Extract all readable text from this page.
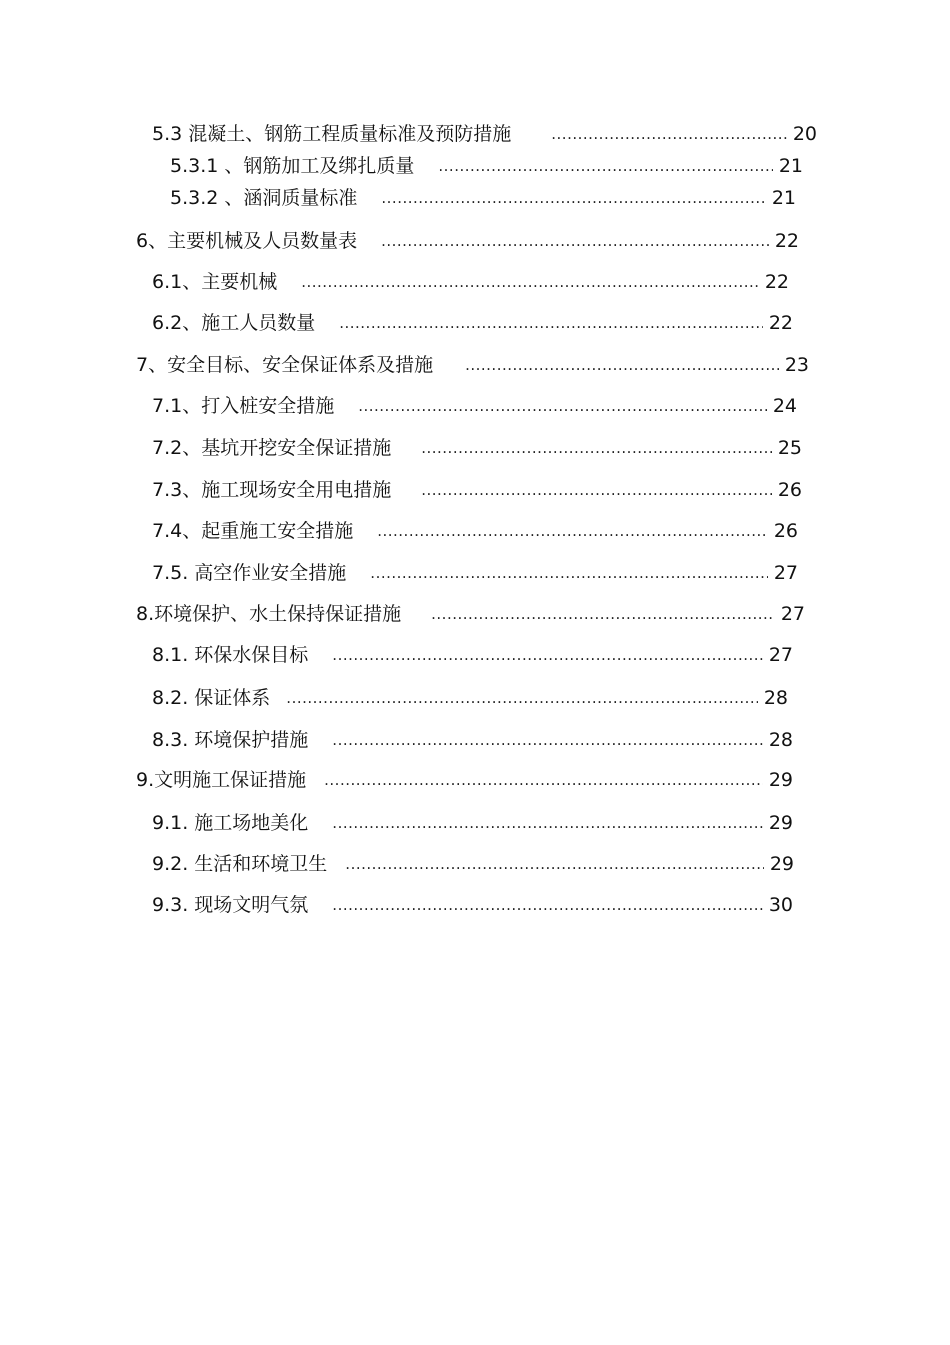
5.3 混凝土、钢筋工程质量标准及预防措施 .....	20
5.3.1 、钢筋加工及绑扎质量 .....	21
5.3.2 、涵洞质量标准 .....	21
6、主要机械及人员数量表 .....	22
6.1、主要机械 .....	22
6.2、施工人员数量 .....	22
7、安全目标、安全保证体系及措施 .....	23
7.1、打入桩安全措施 .....	24
7.2、基坑开挖安全保证措施 .....	25
7.3、施工现场安全用电措施 .....	26
7.4、起重施工安全措施 .....	26
7.5. 高空作业安全措施 .....	27
8.环境保护、水土保持保证措施 .....	27
8.1. 环保水保目标 .....	27
8.2. 保证体系 .....	28
8.3. 环境保护措施 .....	28
9.文明施工保证措施 .....	29
9.1. 施工场地美化 .....	29
9.2. 生活和环境卫生 .....	29
9.3. 现场文明气氛 .....	30
